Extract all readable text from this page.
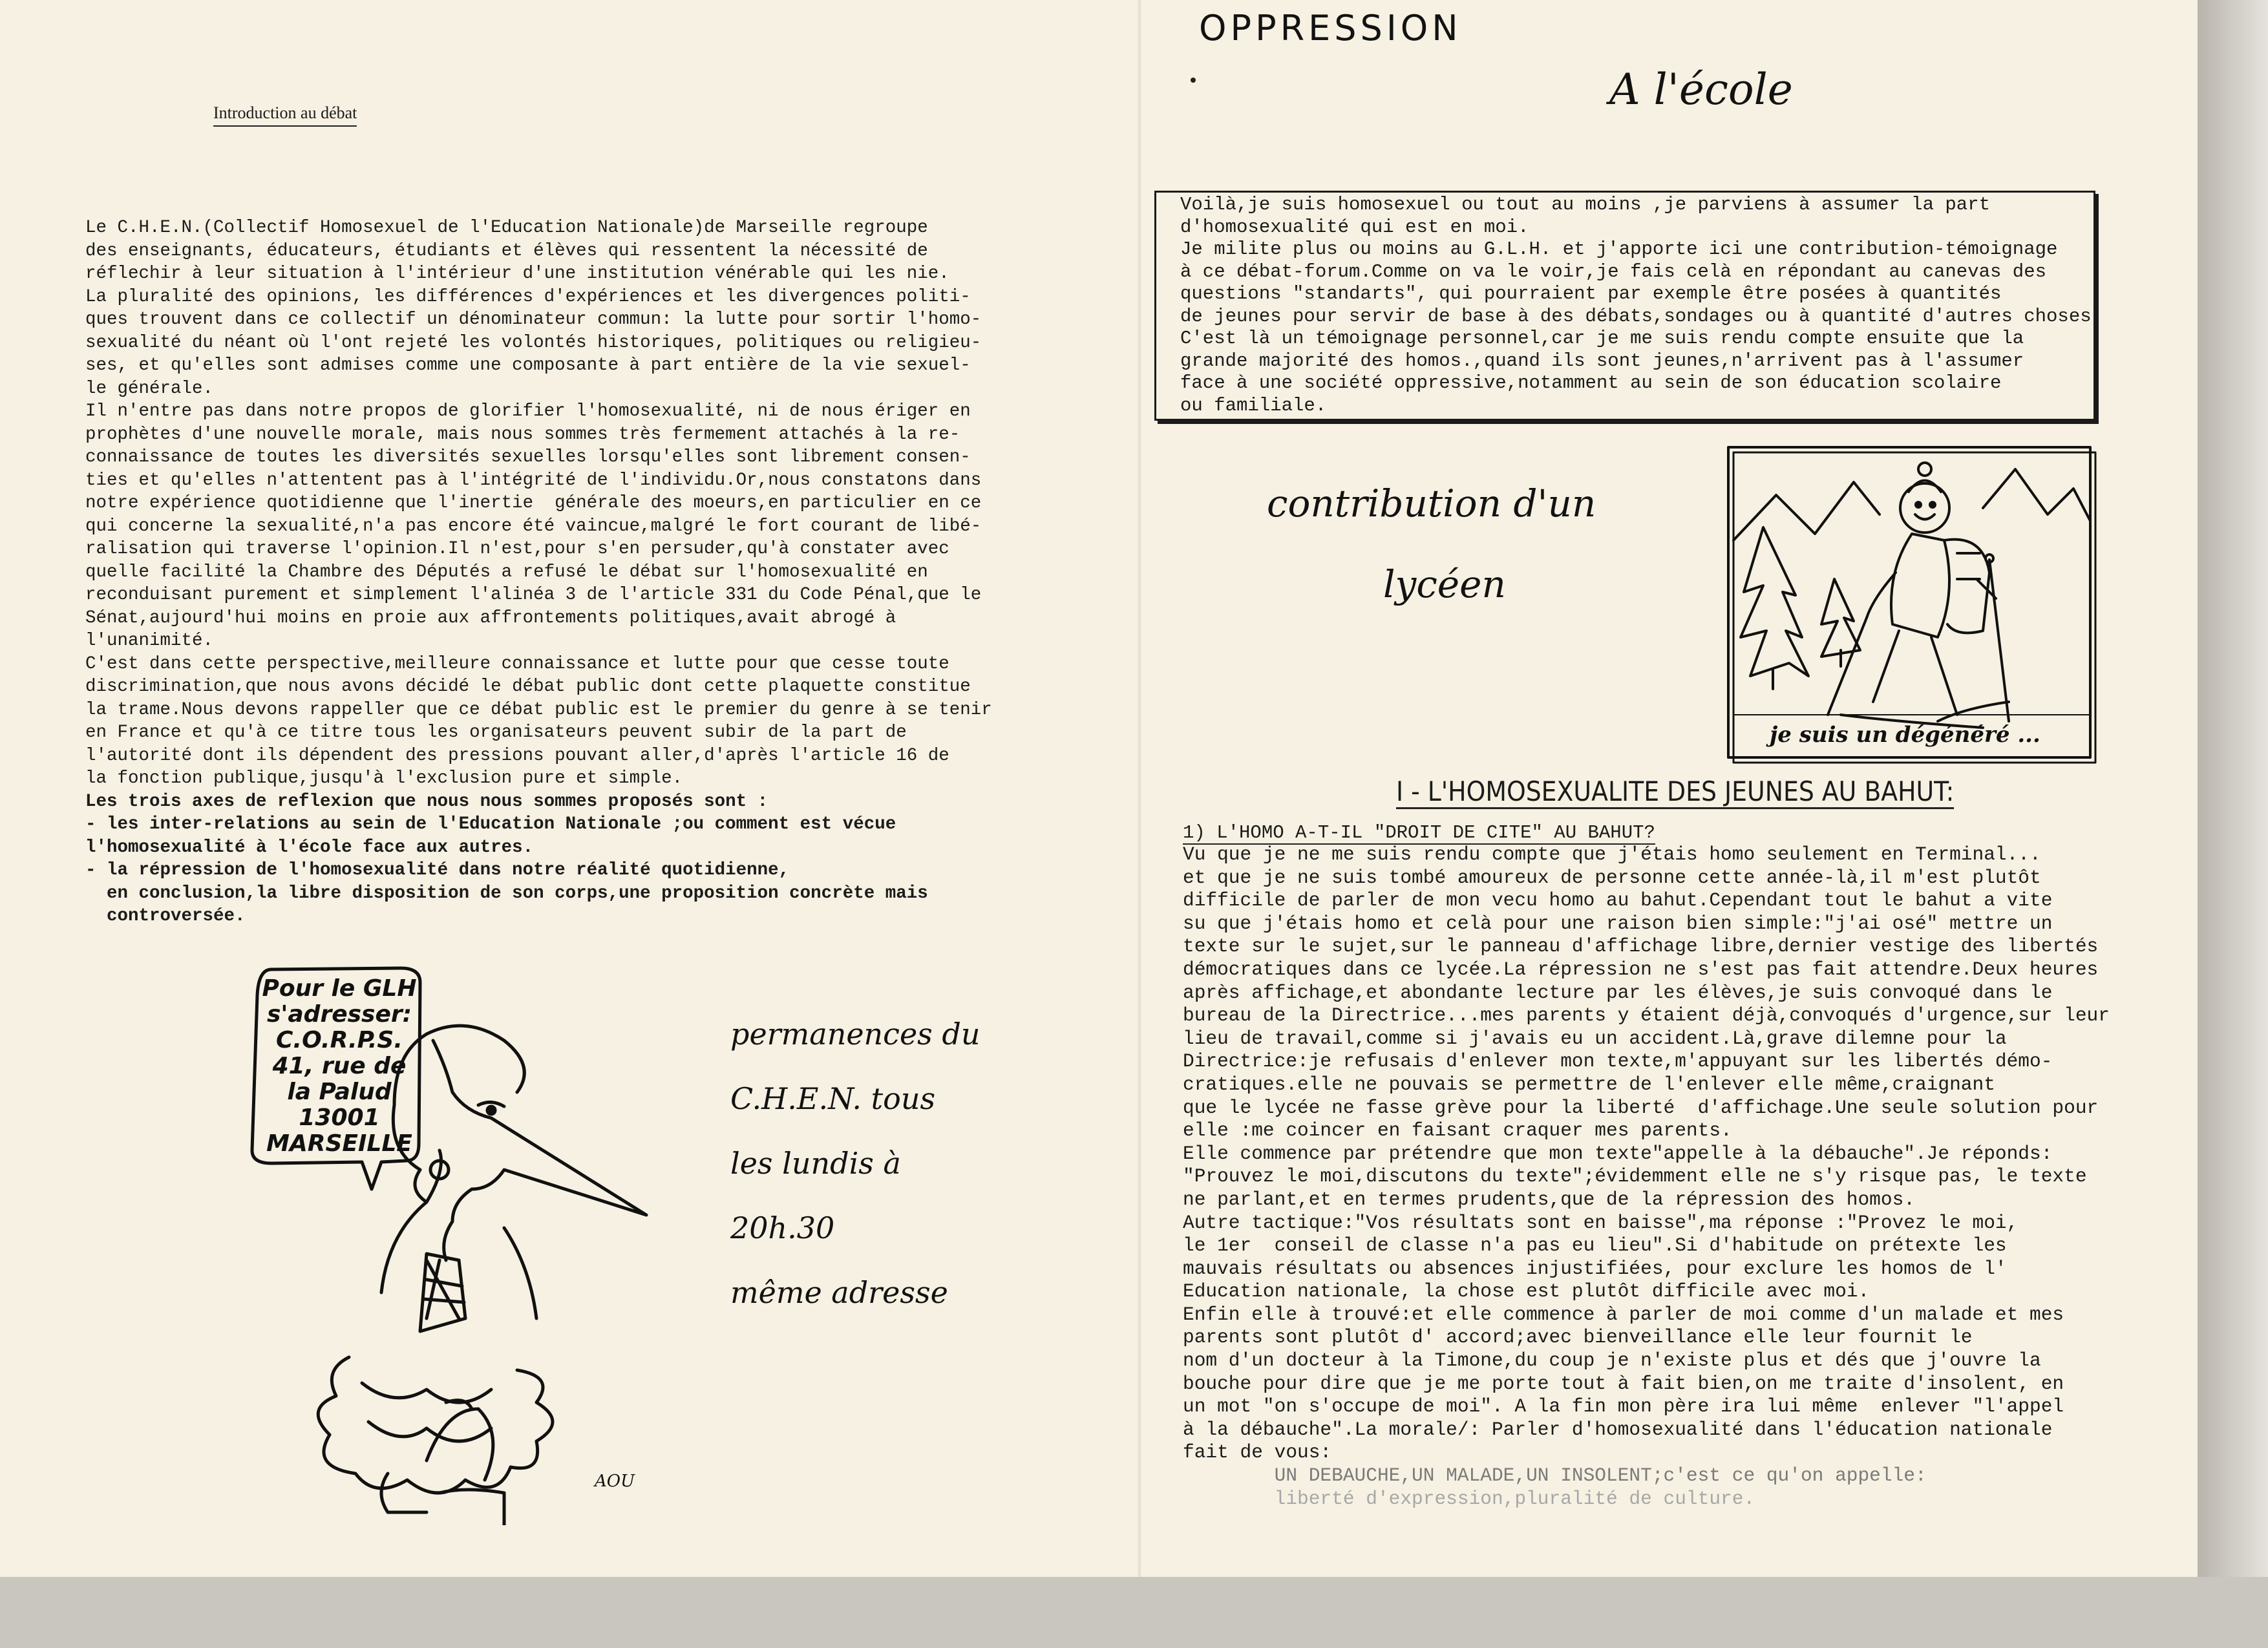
Introduction au débat
Le C.H.E.N.(Collectif Homosexuel de l'Education Nationale)de Marseille regroupe
des enseignants, éducateurs, étudiants et élèves qui ressentent la nécessité de
réflechir à leur situation à l'intérieur d'une institution vénérable qui les nie.
La pluralité des opinions, les différences d'expériences et les divergences politi-
ques trouvent dans ce collectif un dénominateur commun: la lutte pour sortir l'homo-
sexualité du néant où l'ont rejeté les volontés historiques, politiques ou religieu-
ses, et qu'elles sont admises comme une composante à part entière de la vie sexuel-
le générale.
Il n'entre pas dans notre propos de glorifier l'homosexualité, ni de nous ériger en
prophètes d'une nouvelle morale, mais nous sommes très fermement attachés à la re-
connaissance de toutes les diversités sexuelles lorsqu'elles sont librement consen-
ties et qu'elles n'attentent pas à l'intégrité de l'individu.Or,nous constatons dans
notre expérience quotidienne que l'inertie  générale des moeurs,en particulier en ce
qui concerne la sexualité,n'a pas encore été vaincue,malgré le fort courant de libé-
ralisation qui traverse l'opinion.Il n'est,pour s'en persuder,qu'à constater avec
quelle facilité la Chambre des Députés a refusé le débat sur l'homosexualité en
reconduisant purement et simplement l'alinéa 3 de l'article 331 du Code Pénal,que le
Sénat,aujourd'hui moins en proie aux affrontements politiques,avait abrogé à
l'unanimité.
C'est dans cette perspective,meilleure connaissance et lutte pour que cesse toute
discrimination,que nous avons décidé le débat public dont cette plaquette constitue
la trame.Nous devons rappeller que ce débat public est le premier du genre à se tenir
en France et qu'à ce titre tous les organisateurs peuvent subir de la part de
l'autorité dont ils dépendent des pressions pouvant aller,d'après l'article 16 de
la fonction publique,jusqu'à l'exclusion pure et simple.
Les trois axes de reflexion que nous nous sommes proposés sont :
- les inter-relations au sein de l'Education Nationale ;ou comment est vécue
l'homosexualité à l'école face aux autres.
- la répression de l'homosexualité dans notre réalité quotidienne,
en conclusion,la libre disposition de son corps,une proposition concrète mais
controversée.
Pour le GLH
s'adresser:
C.O.R.P.S.
41, rue de
la Palud
13001
MARSEILLE
AOU
permanences du
C.H.E.N. tous
les lundis à
20h.30
même adresse
OPPRESSION
A l'école
Voilà,je suis homosexuel ou tout au moins ,je parviens à assumer la part
d'homosexualité qui est en moi.
Je milite plus ou moins au G.L.H. et j'apporte ici une contribution-témoignage
à ce débat-forum.Comme on va le voir,je fais celà en répondant au canevas des
questions "standarts", qui pourraient par exemple être posées à quantités
de jeunes pour servir de base à des débats,sondages ou à quantité d'autres choses.
C'est là un témoignage personnel,car je me suis rendu compte ensuite que la
grande majorité des homos.,quand ils sont jeunes,n'arrivent pas à l'assumer
face à une société oppressive,notamment au sein de son éducation scolaire
ou familiale.
contribution d'un
lycéen
je suis un dégénéré ...
I - L'HOMOSEXUALITE DES JEUNES AU BAHUT:
1) L'HOMO A-T-IL "DROIT DE CITE" AU BAHUT?
Vu que je ne me suis rendu compte que j'étais homo seulement en Terminal...
et que je ne suis tombé amoureux de personne cette année-là,il m'est plutôt
difficile de parler de mon vecu homo au bahut.Cependant tout le bahut a vite
su que j'étais homo et celà pour une raison bien simple:"j'ai osé" mettre un
texte sur le sujet,sur le panneau d'affichage libre,dernier vestige des libertés
démocratiques dans ce lycée.La répression ne s'est pas fait attendre.Deux heures
après affichage,et abondante lecture par les élèves,je suis convoqué dans le
bureau de la Directrice...mes parents y étaient déjà,convoqués d'urgence,sur leur
lieu de travail,comme si j'avais eu un accident.Là,grave dilemne pour la
Directrice:je refusais d'enlever mon texte,m'appuyant sur les libertés démo-
cratiques.elle ne pouvais se permettre de l'enlever elle même,craignant
que le lycée ne fasse grève pour la liberté  d'affichage.Une seule solution pour
elle :me coincer en faisant craquer mes parents.
Elle commence par prétendre que mon texte"appelle à la débauche".Je réponds:
"Prouvez le moi,discutons du texte";évidemment elle ne s'y risque pas, le texte
ne parlant,et en termes prudents,que de la répression des homos.
Autre tactique:"Vos résultats sont en baisse",ma réponse :"Provez le moi,
le 1er  conseil de classe n'a pas eu lieu".Si d'habitude on prétexte les
mauvais résultats ou absences injustifiées, pour exclure les homos de l'
Education nationale, la chose est plutôt difficile avec moi.
Enfin elle à trouvé:et elle commence à parler de moi comme d'un malade et mes
parents sont plutôt d' accord;avec bienveillance elle leur fournit le
nom d'un docteur à la Timone,du coup je n'existe plus et dés que j'ouvre la
bouche pour dire que je me porte tout à fait bien,on me traite d'insolent, en
un mot "on s'occupe de moi". A la fin mon père ira lui même  enlever "l'appel
à la débauche".La morale/: Parler d'homosexualité dans l'éducation nationale
fait de vous:
UN DEBAUCHE,UN MALADE,UN INSOLENT;c'est ce qu'on appelle:
liberté d'expression,pluralité de culture.
